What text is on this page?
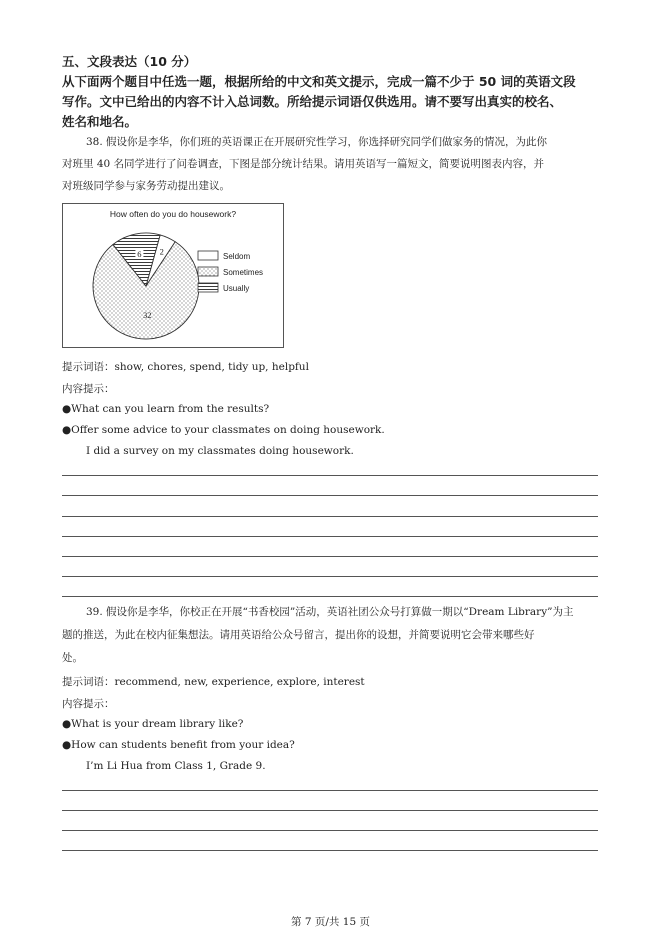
五、文段表达（10 分）
从下面两个题目中任选一题，根据所给的中文和英文提示，完成一篇不少于 50 词的英语文段
写作。文中已给出的内容不计入总词数。所给提示词语仅供选用。请不要写出真实的校名、
姓名和地名。
38. 假设你是李华，你们班的英语课正在开展研究性学习，你选择研究同学们做家务的情况，为此你
对班里 40 名同学进行了问卷调查，下图是部分统计结果。请用英语写一篇短文，简要说明图表内容，并
对班级同学参与家务劳动提出建议。
How often do you do housework?
2
32
6	Seldom
Sometimes
Usually
提示词语：show, chores, spend, tidy up, helpful
内容提示：
●What can you learn from the results?
●Offer some advice to your classmates on doing housework.
I did a survey on my classmates doing housework.
39. 假设你是李华，你校正在开展“书香校园”活动，英语社团公众号打算做一期以“Dream Library”为主
题的推送，为此在校内征集想法。请用英语给公众号留言，提出你的设想，并简要说明它会带来哪些好
处。
提示词语：recommend, new, experience, explore, interest
内容提示：
●What is your dream library like?
●How can students benefit from your idea?
I’m Li Hua from Class 1, Grade 9.
第 7 页/共 15 页
